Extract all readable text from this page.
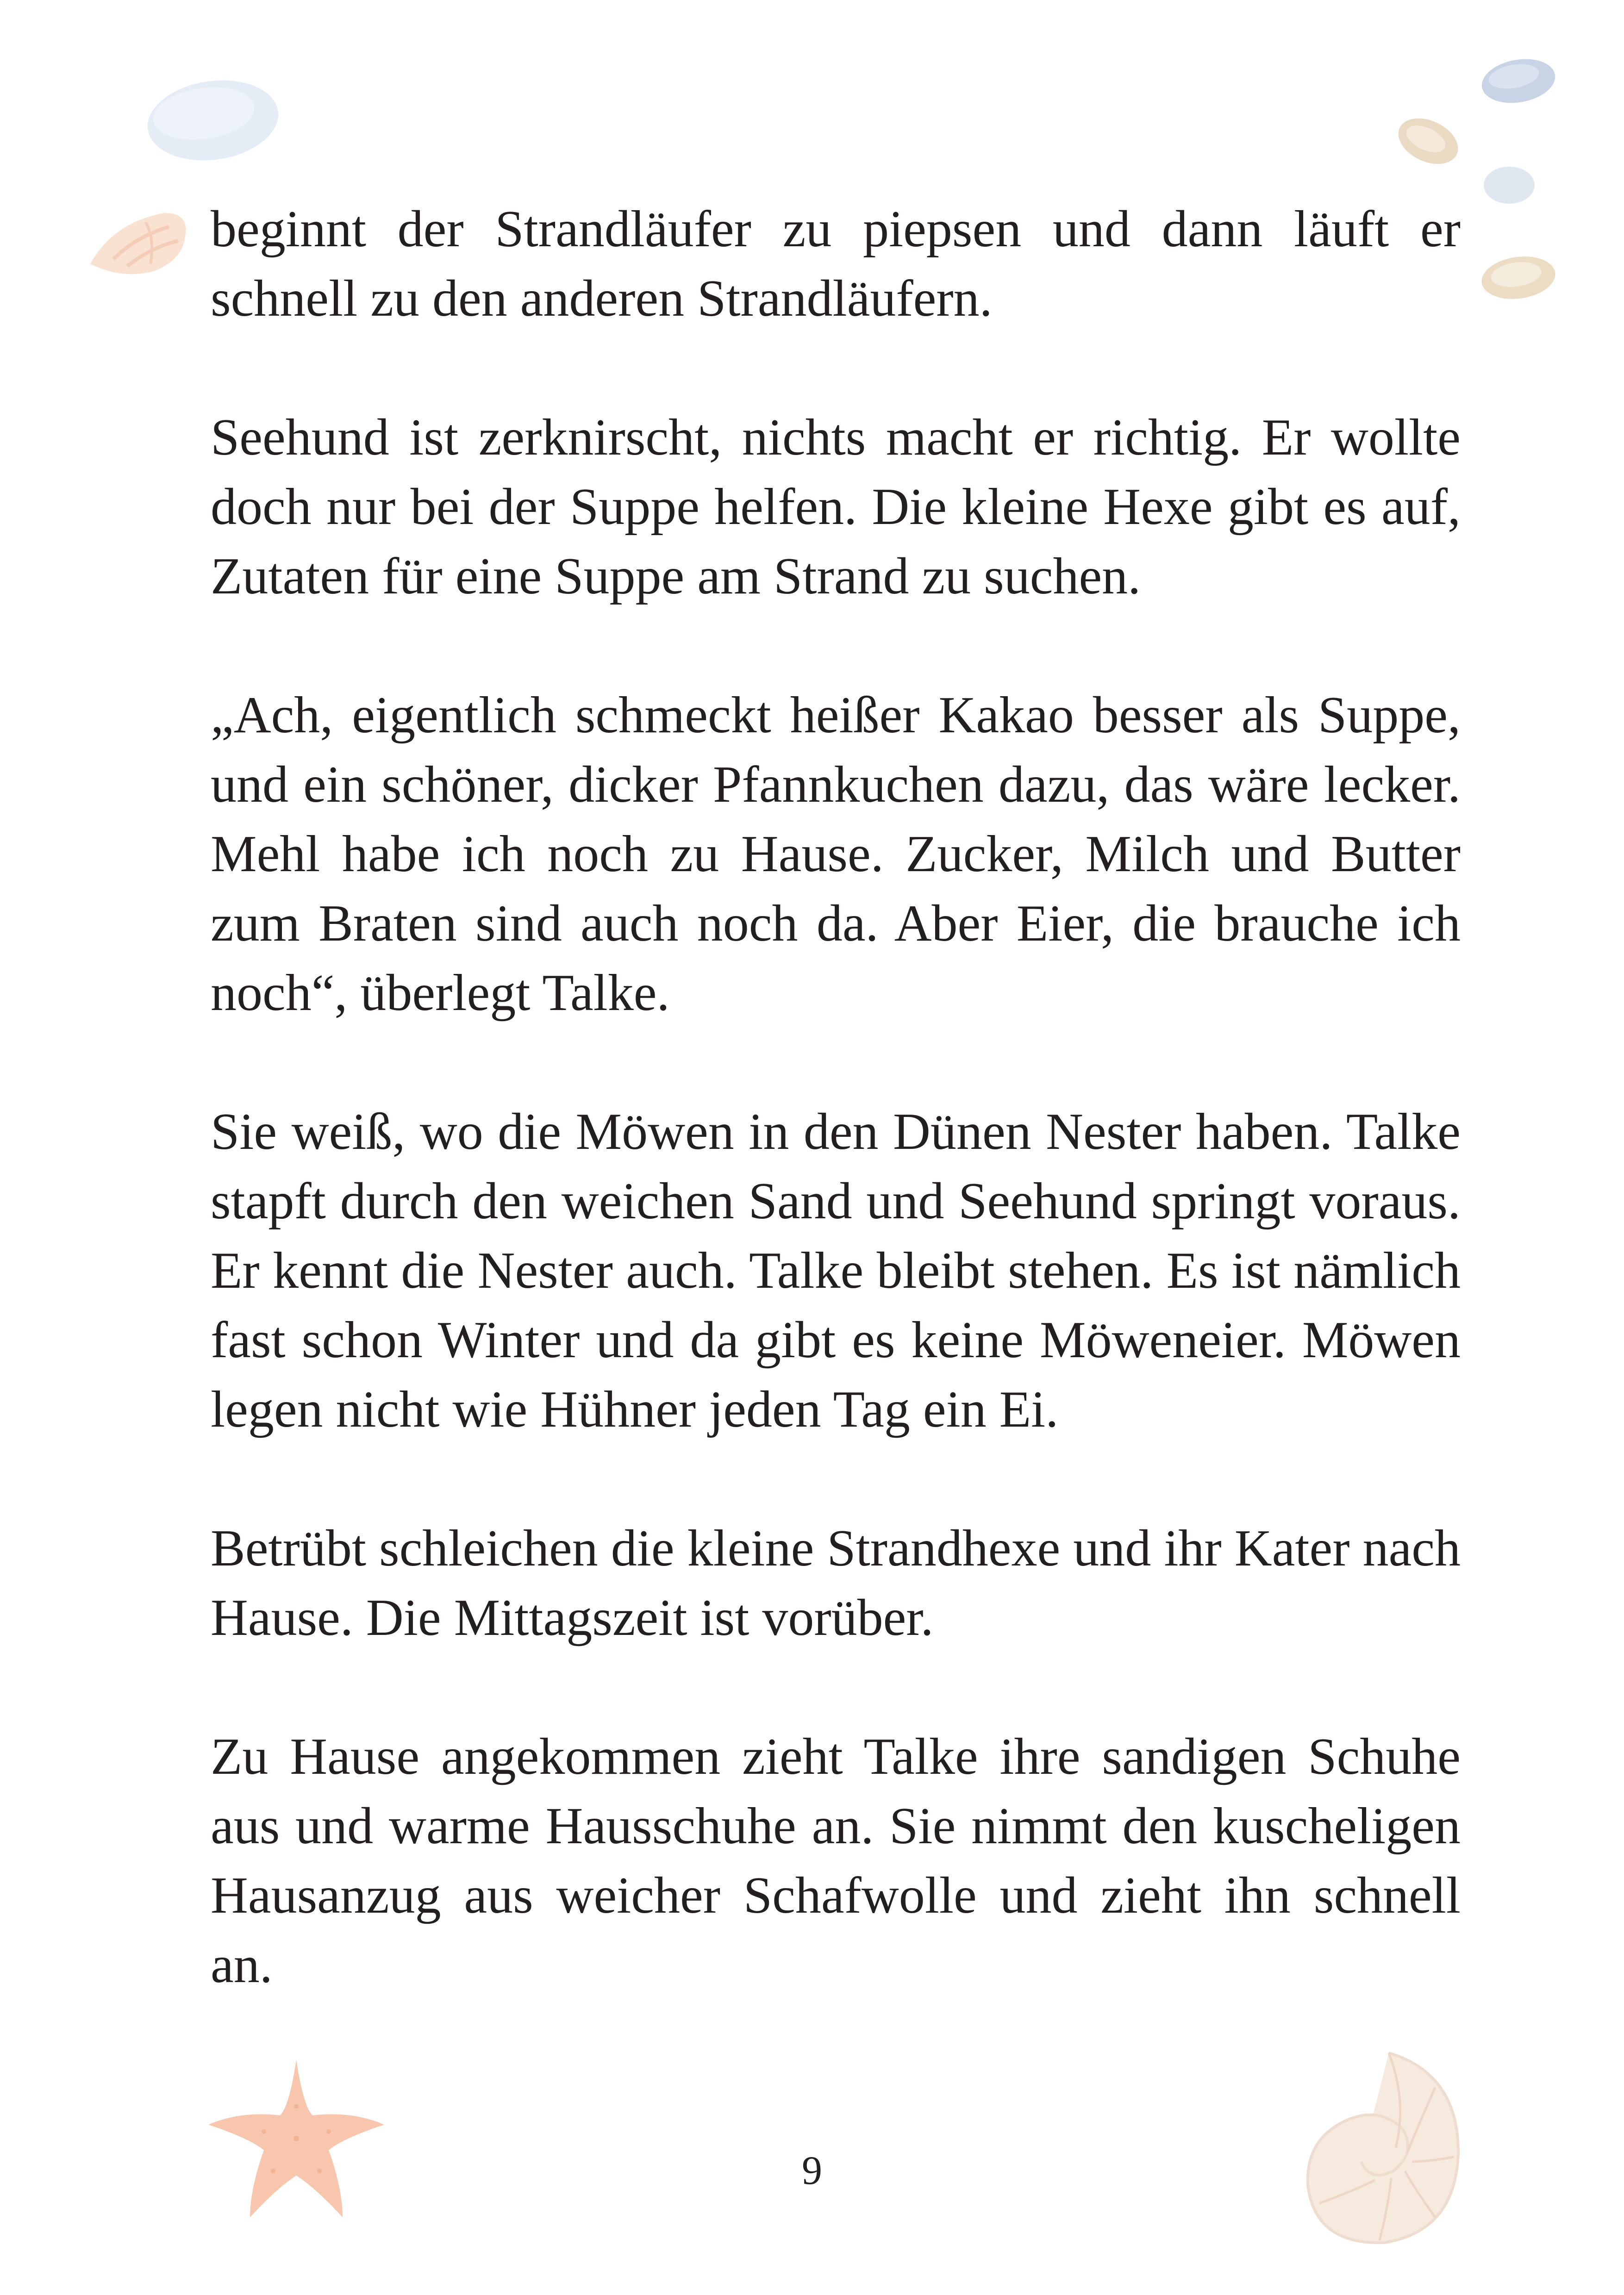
beginnt der Strandläufer zu piepsen und dann läuft er schnell zu den anderen Strandläufern.

Seehund ist zerknirscht, nichts macht er richtig. Er wollte doch nur bei der Suppe helfen. Die kleine Hexe gibt es auf, Zutaten für eine Suppe am Strand zu suchen.

„Ach, eigentlich schmeckt heißer Kakao besser als Suppe, und ein schöner, dicker Pfannkuchen dazu, das wäre lecker. Mehl habe ich noch zu Hause. Zucker, Milch und Butter zum Braten sind auch noch da. Aber Eier, die brauche ich noch“, überlegt Talke.

Sie weiß, wo die Möwen in den Dünen Nester haben. Talke stapft durch den weichen Sand und Seehund springt voraus. Er kennt die Nester auch. Talke bleibt stehen. Es ist nämlich fast schon Winter und da gibt es keine Möweneier. Möwen legen nicht wie Hühner jeden Tag ein Ei.

Betrübt schleichen die kleine Strandhexe und ihr Kater nach Hause. Die Mittagszeit ist vorüber.

Zu Hause angekommen zieht Talke ihre sandigen Schuhe aus und warme Hausschuhe an. Sie nimmt den kuscheligen Hausanzug aus weicher Schafwolle und zieht ihn schnell an.

9
